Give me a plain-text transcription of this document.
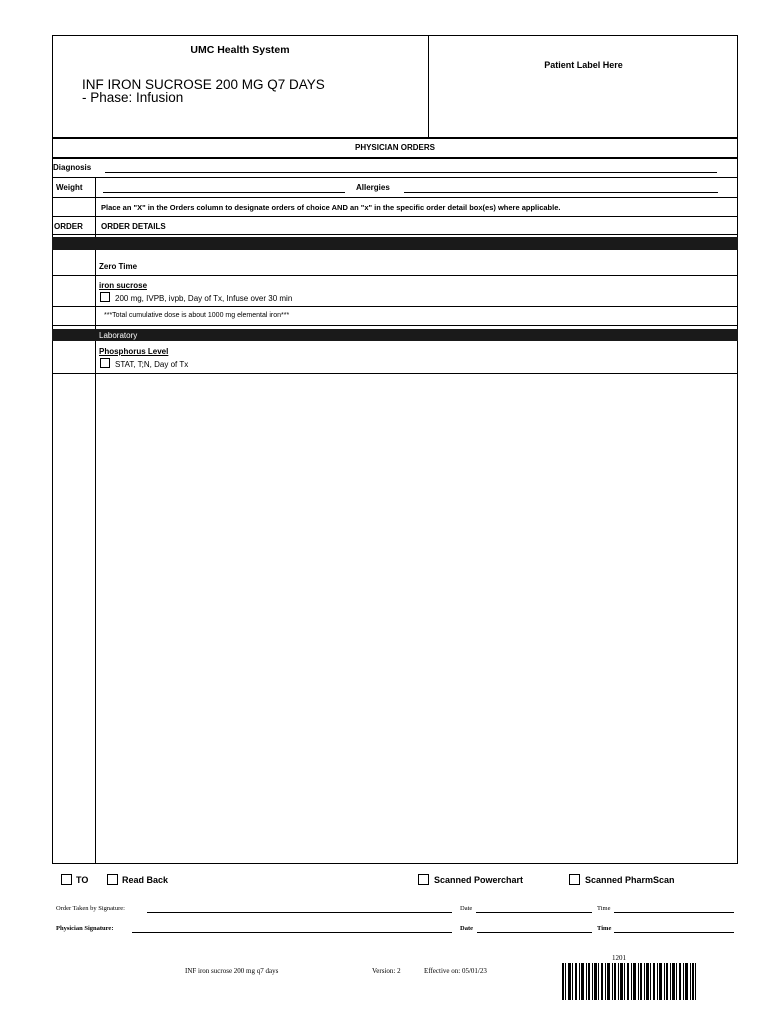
UMC Health System
INF IRON SUCROSE 200 MG Q7 DAYS
- Phase: Infusion
Patient Label Here
PHYSICIAN ORDERS
Diagnosis
Weight	Allergies
Place an "X" in the Orders column to designate orders of choice AND an "x" in the specific order detail box(es) where applicable.
ORDER ORDER DETAILS
Zero Time
iron sucrose
200 mg, IVPB, ivpb, Day of Tx, Infuse over 30 min
***Total cumulative dose is about 1000 mg elemental iron***
Laboratory
Phosphorus Level
STAT, T;N, Day of Tx
TO	Read Back	Scanned Powerchart	Scanned PharmScan
Order Taken by Signature:	Date	Time
Physician Signature:	Date	Time
INF iron sucrose 200 mg q7 days	Version: 2	Effective on: 05/01/23
1201
